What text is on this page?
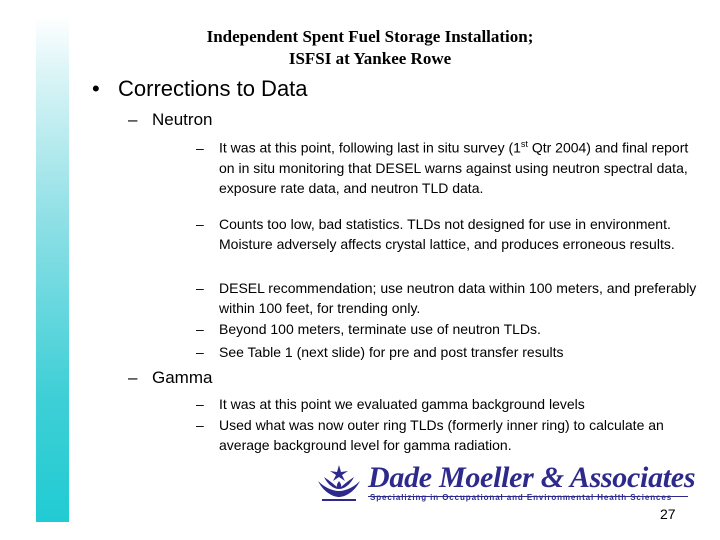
Independent Spent Fuel Storage Installation;
ISFSI at Yankee Rowe
• Corrections to Data
– Neutron
– It was at this point, following last in situ survey (1st Qtr 2004) and final report on in situ monitoring that DESEL warns against using neutron spectral data, exposure rate data, and neutron TLD data.
– Counts too low, bad statistics. TLDs not designed for use in environment. Moisture adversely affects crystal lattice, and produces erroneous results.
– DESEL recommendation; use neutron data within 100 meters, and preferably within 100 feet, for trending only.
– Beyond 100 meters, terminate use of neutron TLDs.
– See Table 1 (next slide) for pre and post transfer results
– Gamma
– It was at this point we evaluated gamma background levels
– Used what was now outer ring TLDs (formerly inner ring) to calculate an average background level for gamma radiation.
Dade Moeller & Associates
Specializing in Occupational and Environmental Health Sciences
27
